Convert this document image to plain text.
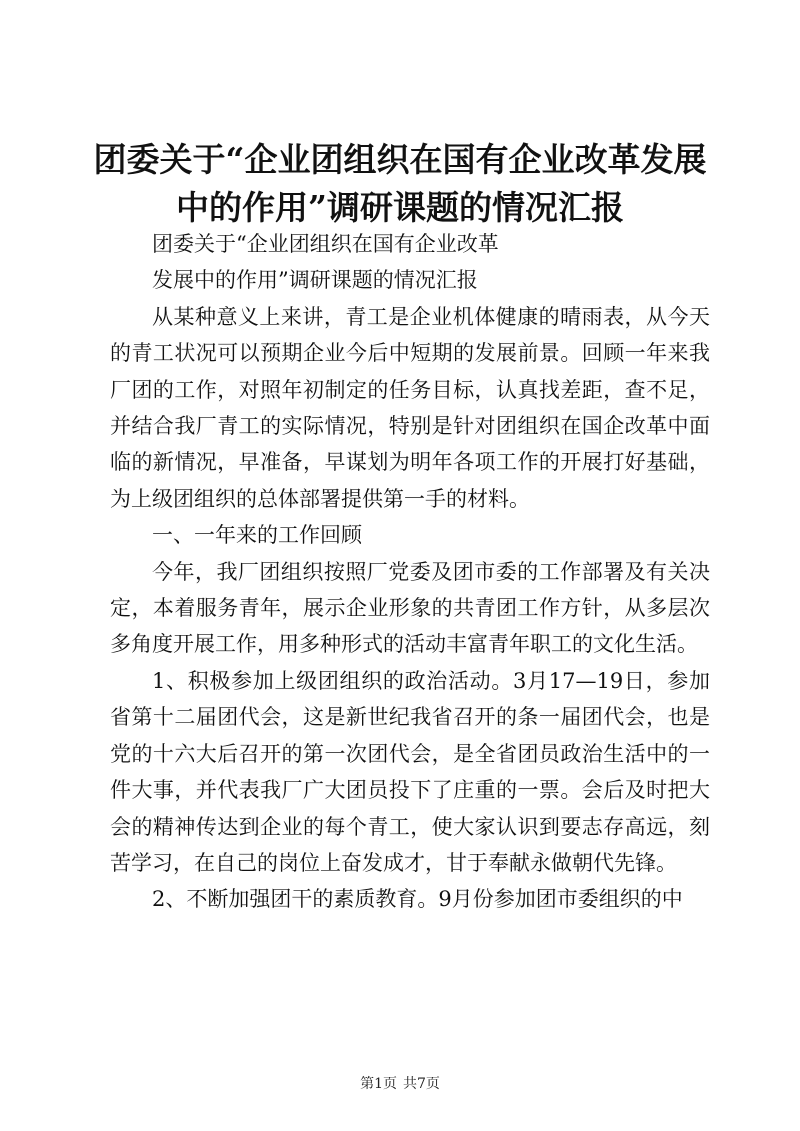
团委关于“企业团组织在国有企业改革发展中的作用”调研课题的情况汇报

团委关于“企业团组织在国有企业改革

发展中的作用”调研课题的情况汇报

从某种意义上来讲，青工是企业机体健康的晴雨表，从今天的青工状况可以预期企业今后中短期的发展前景。回顾一年来我厂团的工作，对照年初制定的任务目标，认真找差距，查不足，并结合我厂青工的实际情况，特别是针对团组织在国企改革中面临的新情况，早准备，早谋划为明年各项工作的开展打好基础，为上级团组织的总体部署提供第一手的材料。

一、一年来的工作回顾

今年，我厂团组织按照厂党委及团市委的工作部署及有关决定，本着服务青年，展示企业形象的共青团工作方针，从多层次多角度开展工作，用多种形式的活动丰富青年职工的文化生活。

1、积极参加上级团组织的政治活动。3月17—19日，参加省第十二届团代会，这是新世纪我省召开的条一届团代会，也是党的十六大后召开的第一次团代会，是全省团员政治生活中的一件大事，并代表我厂广大团员投下了庄重的一票。会后及时把大会的精神传达到企业的每个青工，使大家认识到要志存高远，刻苦学习，在自己的岗位上奋发成才，甘于奉献永做朝代先锋。

2、不断加强团干的素质教育。9月份参加团市委组织的中

第1页 共7页
